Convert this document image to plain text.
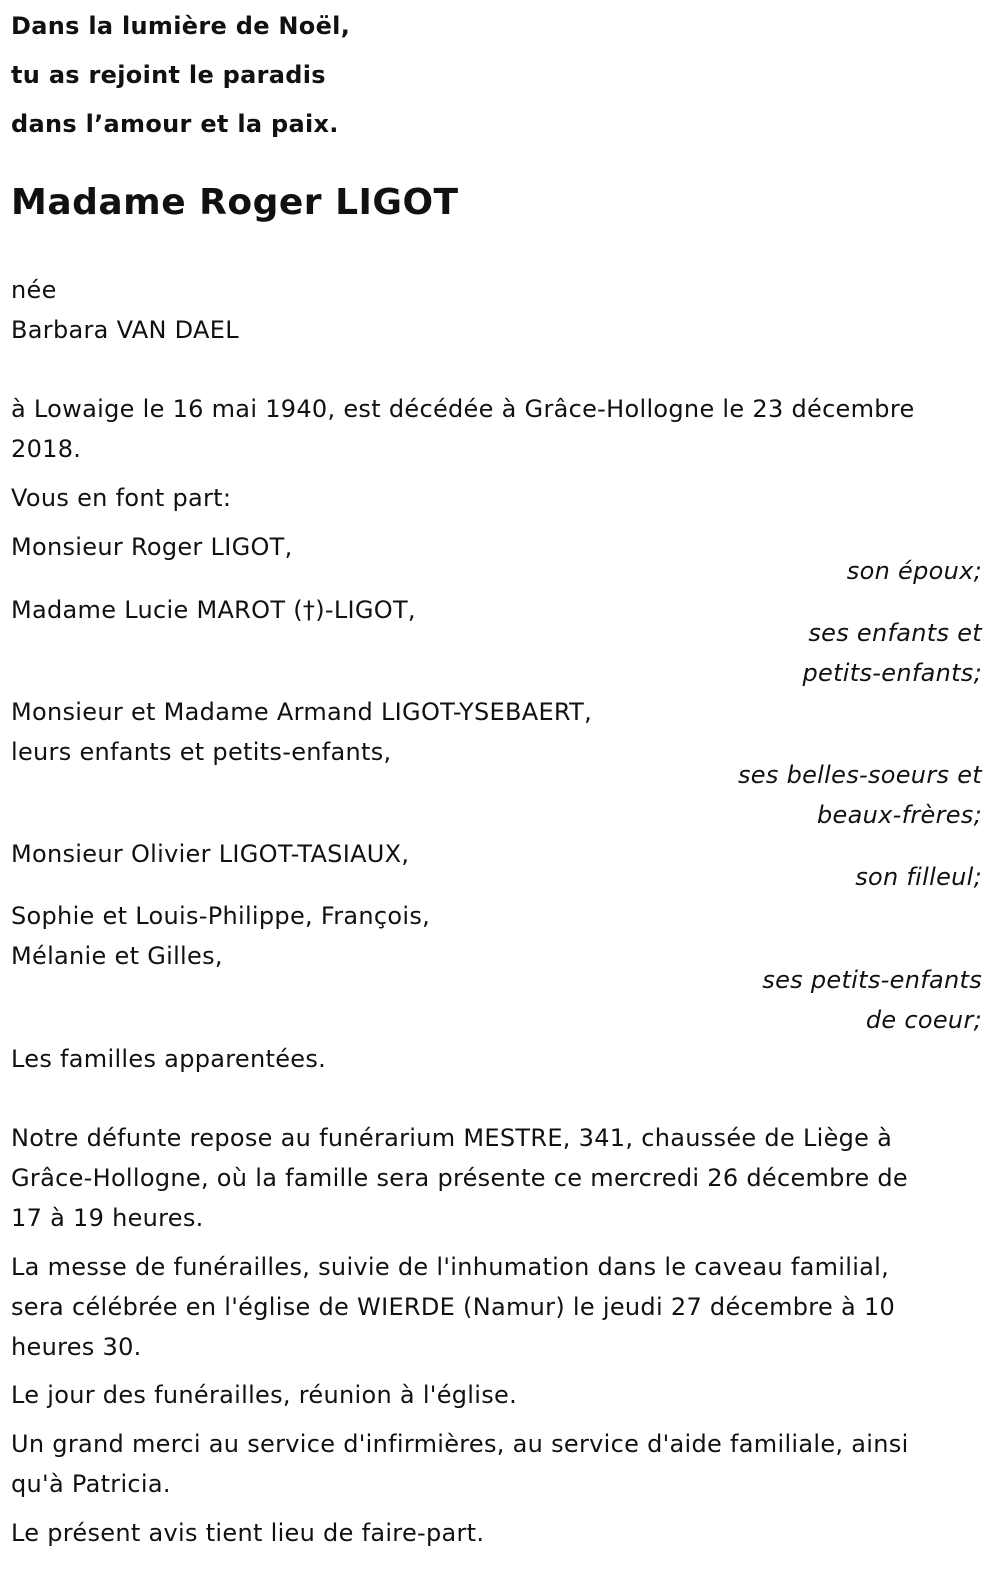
Dans la lumière de Noël,

tu as rejoint le paradis

dans l’amour et la paix.

Madame Roger LIGOT

née

Barbara VAN DAEL

à Lowaige le 16 mai 1940, est décédée à Grâce-Hollogne le 23 décembre

2018.

Vous en font part:

Monsieur Roger LIGOT,

son époux;

Madame Lucie MAROT (†)-LIGOT,

ses enfants et

petits-enfants;

Monsieur et Madame Armand LIGOT-YSEBAERT,

leurs enfants et petits-enfants,

ses belles-soeurs et

beaux-frères;

Monsieur Olivier LIGOT-TASIAUX,

son filleul;

Sophie et Louis-Philippe, François,

Mélanie et Gilles,

ses petits-enfants

de coeur;

Les familles apparentées.

Notre défunte repose au funérarium MESTRE, 341, chaussée de Liège à

Grâce-Hollogne, où la famille sera présente ce mercredi 26 décembre de

17 à 19 heures.

La messe de funérailles, suivie de l'inhumation dans le caveau familial,

sera célébrée en l'église de WIERDE (Namur) le jeudi 27 décembre à 10

heures 30.

Le jour des funérailles, réunion à l'église.

Un grand merci au service d'infirmières, au service d'aide familiale, ainsi

qu'à Patricia.

Le présent avis tient lieu de faire-part.
